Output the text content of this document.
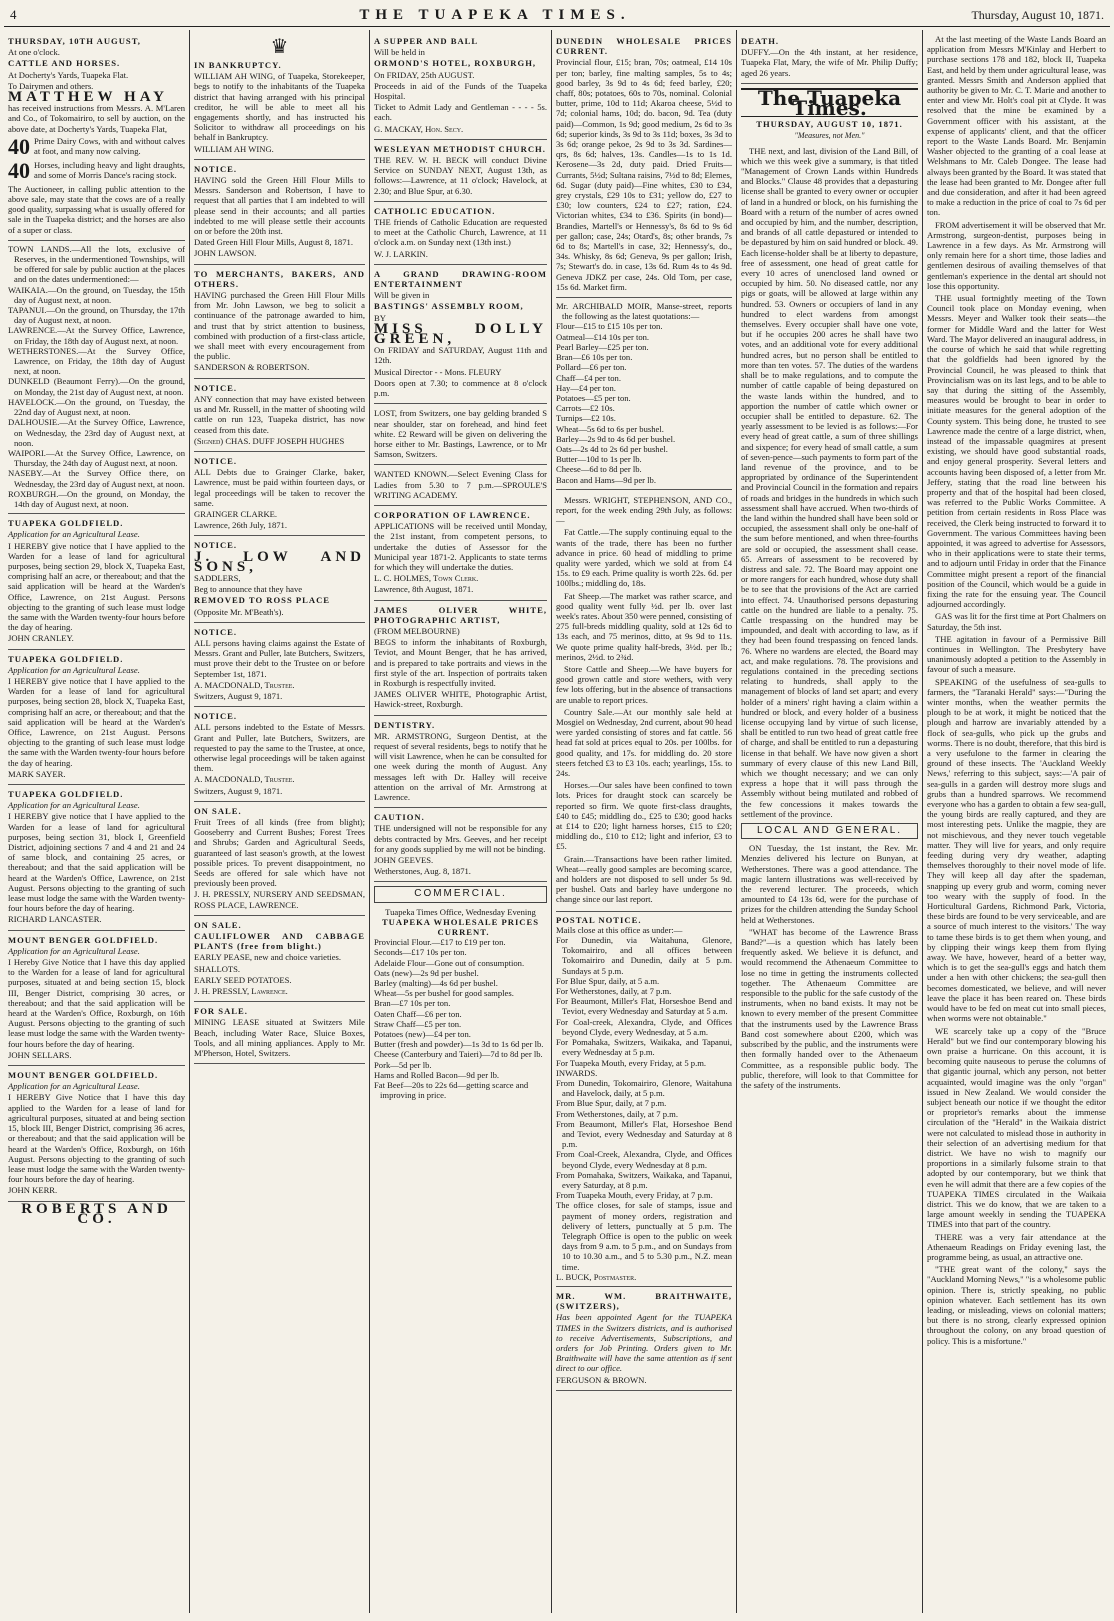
4	THE TUAPEKA TIMES.	Thursday, August 10, 1871.

THURSDAY, 10TH AUGUST,

At one o'clock.

CATTLE AND HORSES.

At Docherty's Yards, Tuapeka Flat.

To Dairymen and others.

MATTHEW HAY

has received instructions from Messrs. A. M'Laren and Co., of Tokomairiro, to sell by auction, on the above date, at Docherty's Yards, Tuapeka Flat,

40 Prime Dairy Cows, with and without calves at foot, and many now calving.
40 Horses, including heavy and light draughts, and some of Morris Dance's racing stock.

The Auctioneer, in calling public attention to the above sale, may state that the cows are of a really good quality, surpassing what is usually offered for sale in the Tuapeka district; and the horses are also of a super or class.

TOWN LANDS.—All the lots, exclusive of Reserves, in the undermentioned Townships, will be offered for sale by public auction at the places and on the dates undermentioned:—

WAIKAIA.—On the ground, on Tuesday, the 15th day of August next, at noon.

TAPANUI.—On the ground, on Thursday, the 17th day of August next, at noon.

LAWRENCE.—At the Survey Office, Lawrence, on Friday, the 18th day of August next, at noon.

WETHERSTONES.—At the Survey Office, Lawrence, on Friday, the 18th day of August next, at noon.

DUNKELD (Beaumont Ferry).—On the ground, on Monday, the 21st day of August next, at noon.

HAVELOCK.—On the ground, on Tuesday, the 22nd day of August next, at noon.

DALHOUSIE.—At the Survey Office, Lawrence, on Wednesday, the 23rd day of August next, at noon.

WAIPORI.—At the Survey Office, Lawrence, on Thursday, the 24th day of August next, at noon.

NASEBY.—At the Survey Office there, on Wednesday, the 23rd day of August next, at noon.

ROXBURGH.—On the ground, on Monday, the 14th day of August next, at noon.

TUAPEKA GOLDFIELD.

Application for an Agricultural Lease.

I HEREBY give notice that I have applied to the Warden for a lease of land for agricultural purposes, being section 29, block X, Tuapeka East, comprising half an acre, or thereabout; and that the said application will be heard at the Warden's Office, Lawrence, on 21st August. Persons objecting to the granting of such lease must lodge the same with the Warden twenty-four hours before the day of hearing.

JOHN CRANLEY.

TUAPEKA GOLDFIELD.

Application for an Agricultural Lease.

I HEREBY give notice that I have applied to the Warden for a lease of land for agricultural purposes, being section 28, block X, Tuapeka East, comprising half an acre, or thereabout; and that the said application will be heard at the Warden's Office, Lawrence, on 21st August. Persons objecting to the granting of such lease must lodge the same with the Warden twenty-four hours before the day of hearing.

MARK SAYER.

TUAPEKA GOLDFIELD.

Application for an Agricultural Lease.

I HEREBY give notice that I have applied to the Warden for a lease of land for agricultural purposes, being section 31, block I, Greenfield District, adjoining sections 7 and 4 and 21 and 24 of same block, and containing 25 acres, or thereabout; and that the said application will be heard at the Warden's Office, Lawrence, on 21st August. Persons objecting to the granting of such lease must lodge the same with the Warden twenty-four hours before the day of hearing.

RICHARD LANCASTER.

MOUNT BENGER GOLDFIELD.

Application for an Agricultural Lease.

I Hereby Give Notice that I have this day applied to the Warden for a lease of land for agricultural purposes, situated at and being section 15, block III, Benger District, comprising 30 acres, or thereabout; and that the said application will be heard at the Warden's Office, Roxburgh, on 16th August. Persons objecting to the granting of such lease must lodge the same with the Warden twenty-four hours before the day of hearing.

JOHN SELLARS.

MOUNT BENGER GOLDFIELD.

Application for an Agricultural Lease.

I HEREBY Give Notice that I have this day applied to the Warden for a lease of land for agricultural purposes, situated at and being section 15, block III, Benger District, comprising 36 acres, or thereabout; and that the said application will be heard at the Warden's Office, Roxburgh, on 16th August. Persons objecting to the granting of such lease must lodge the same with the Warden twenty-four hours before the day of hearing.

JOHN KERR.

ROBERTS AND CO.

♛

IN BANKRUPTCY.

WILLIAM AH WING, of Tuapeka, Storekeeper, begs to notify to the inhabitants of the Tuapeka district that having arranged with his principal creditor, he will be able to meet all his engagements shortly, and has instructed his Solicitor to withdraw all proceedings on his behalf in Bankruptcy.

WILLIAM AH WING.

NOTICE.

HAVING sold the Green Hill Flour Mills to Messrs. Sanderson and Robertson, I have to request that all parties that I am indebted to will please send in their accounts; and all parties indebted to me will please settle their accounts on or before the 20th inst.

Dated Green Hill Flour Mills, August 8, 1871.

JOHN LAWSON.

TO MERCHANTS, BAKERS, AND OTHERS.

HAVING purchased the Green Hill Flour Mills from Mr. John Lawson, we beg to solicit a continuance of the patronage awarded to him, and trust that by strict attention to business, combined with production of a first-class article, we shall meet with every encouragement from the public.

SANDERSON & ROBERTSON.

NOTICE.

ANY connection that may have existed between us and Mr. Russell, in the matter of shooting wild cattle on run 123, Tuapeka district, has now ceased from this date.

(Signed) CHAS. DUFF JOSEPH HUGHES

NOTICE.

ALL Debts due to Grainger Clarke, baker, Lawrence, must be paid within fourteen days, or legal proceedings will be taken to recover the same.

GRAINGER CLARKE.

Lawrence, 26th July, 1871.

NOTICE.

J. LOW AND SONS,

SADDLERS,

Beg to announce that they have

REMOVED TO ROSS PLACE

(Opposite Mr. M'Beath's).

NOTICE.

ALL persons having claims against the Estate of Messrs. Grant and Puller, late Butchers, Switzers, must prove their debt to the Trustee on or before September 1st, 1871.

A. MACDONALD, Trustee.

Switzers, August 9, 1871.

NOTICE.

ALL persons indebted to the Estate of Messrs. Grant and Puller, late Butchers, Switzers, are requested to pay the same to the Trustee, at once, otherwise legal proceedings will be taken against them.

A. MACDONALD, Trustee.

Switzers, August 9, 1871.

ON SALE.

Fruit Trees of all kinds (free from blight); Gooseberry and Current Bushes; Forest Trees and Shrubs; Garden and Agricultural Seeds, guaranteed of last season's growth, at the lowest possible prices. To prevent disappointment, no Seeds are offered for sale which have not previously been proved.

J. H. PRESSLY, NURSERY AND SEEDSMAN, ROSS PLACE, LAWRENCE.

ON SALE.

CAULIFLOWER AND CABBAGE PLANTS (free from blight.)

EARLY PEASE, new and choice varieties.

SHALLOTS.

EARLY SEED POTATOES.

J. H. PRESSLY, Lawrence.

FOR SALE.

MINING LEASE situated at Switzers Mile Beach, including Water Race, Sluice Boxes, Tools, and all mining appliances. Apply to Mr. M'Pherson, Hotel, Switzers.

A SUPPER AND BALL

Will be held in

ORMOND'S HOTEL, ROXBURGH,

On FRIDAY, 25th AUGUST.

Proceeds in aid of the Funds of the Tuapeka Hospital.

Ticket to Admit Lady and Gentleman - - - - 5s. each.

G. MACKAY, Hon. Secy.

WESLEYAN METHODIST CHURCH.

THE REV. W. H. BECK will conduct Divine Service on SUNDAY NEXT, August 13th, as follows:—Lawrence, at 11 o'clock; Havelock, at 2.30; and Blue Spur, at 6.30.

CATHOLIC EDUCATION.

THE friends of Catholic Education are requested to meet at the Catholic Church, Lawrence, at 11 o'clock a.m. on Sunday next (13th inst.)

W. J. LARKIN.

A GRAND DRAWING-ROOM ENTERTAINMENT

Will be given in

BASTINGS' ASSEMBLY ROOM,

BY

MISS DOLLY GREEN,

On FRIDAY and SATURDAY, August 11th and 12th.

Musical Director - - Mons. FLEURY

Doors open at 7.30; to commence at 8 o'clock p.m.

LOST, from Switzers, one bay gelding branded S near shoulder, star on forehead, and hind feet white. £2 Reward will be given on delivering the horse either to Mr. Bastings, Lawrence, or to Mr Samson, Switzers.

WANTED KNOWN.—Select Evening Class for Ladies from 5.30 to 7 p.m.—SPROULE'S WRITING ACADEMY.

CORPORATION OF LAWRENCE.

APPLICATIONS will be received until Monday, the 21st instant, from competent persons, to undertake the duties of Assessor for the Municipal year 1871-2. Applicants to state terms for which they will undertake the duties.

L. C. HOLMES, Town Clerk.

Lawrence, 8th August, 1871.

JAMES OLIVER WHITE, PHOTOGRAPHIC ARTIST,

(FROM MELBOURNE)

BEGS to inform the inhabitants of Roxburgh, Teviot, and Mount Benger, that he has arrived, and is prepared to take portraits and views in the first style of the art. Inspection of portraits taken in Roxburgh is respectfully invited.

JAMES OLIVER WHITE, Photographic Artist, Hawick-street, Roxburgh.

DENTISTRY.

MR. ARMSTRONG, Surgeon Dentist, at the request of several residents, begs to notify that he will visit Lawrence, when he can be consulted for one week during the month of August. Any messages left with Dr. Halley will receive attention on the arrival of Mr. Armstrong at Lawrence.

CAUTION.

THE undersigned will not be responsible for any debts contracted by Mrs. Geeves, and her receipt for any goods supplied by me will not be binding.

JOHN GEEVES.

Wetherstones, Aug. 8, 1871.

COMMERCIAL.

Tuapeka Times Office, Wednesday Evening

TUAPEKA WHOLESALE PRICES CURRENT.

Provincial Flour.—£17 to £19 per ton.

Seconds—£17 10s per ton.

Adelaide Flour—Gone out of consumption.

Oats (new)—2s 9d per bushel.

Barley (malting)—4s 6d per bushel.

Wheat—5s per bushel for good samples.

Bran—£7 10s per ton.

Oaten Chaff—£6 per ton.

Straw Chaff—£5 per ton.

Potatoes (new)—£4 per ton.

Butter (fresh and powder)—1s 3d to 1s 6d per lb.

Cheese (Canterbury and Taieri)—7d to 8d per lb.

Pork—5d per lb.

Hams and Rolled Bacon—9d per lb.

Fat Beef—20s to 22s 6d—getting scarce and improving in price.

DUNEDIN WHOLESALE PRICES CURRENT.

Provincial flour, £15; bran, 70s; oatmeal, £14 10s per ton; barley, fine malting samples, 5s to 4s; good barley, 3s 9d to 4s 6d; feed barley, £20; chaff, 80s; potatoes, 60s to 70s, nominal. Colonial butter, prime, 10d to 11d; Akaroa cheese, 5½d to 7d; colonial hams, 10d; do. bacon, 9d. Tea (duty paid)—Common, 1s 9d; good medium, 2s 6d to 3s 6d; superior kinds, 3s 9d to 3s 11d; boxes, 3s 3d to 3s 6d; orange pekoe, 2s 9d to 3s 3d. Sardines—qrs, 8s 6d; halves, 13s. Candles—1s to 1s 1d. Kerosene—3s 2d, duty paid. Dried Fruits—Currants, 5½d; Sultana raisins, 7½d to 8d; Elemes, 6d. Sugar (duty paid)—Fine whites, £30 to £34, grey crystals, £29 10s to £31; yellow do, £27 to £30; low counters, £24 to £27; ration, £24. Victorian whites, £34 to £36. Spirits (in bond)—Brandies, Martell's or Hennessy's, 8s 6d to 9s 6d per gallon; case, 24s; Otard's, 8s; other brands, 7s 6d to 8s; Martell's in case, 32; Hennessy's, do., 34s. Whisky, 8s 6d; Geneva, 9s per gallon; Irish, 7s; Stewart's do. in case, 13s 6d. Rum 4s to 4s 9d. Geneva JDKZ per case, 24s. Old Tom, per case, 15s 6d. Market firm.

Mr. ARCHIBALD MOIR, Manse-street, reports the following as the latest quotations:—

Flour—£15 to £15 10s per ton.

Oatmeal—£14 10s per ton.

Pearl Barley—£25 per ton.

Bran—£6 10s per ton.

Pollard—£6 per ton.

Chaff—£4 per ton.

Hay—£4 per ton.

Potatoes—£5 per ton.

Carrots—£2 10s.

Turnips—£2 10s.

Wheat—5s 6d to 6s per bushel.

Barley—2s 9d to 4s 6d per bushel.

Oats—2s 4d to 2s 6d per bushel.

Butter—10d to 1s per lb.

Cheese—6d to 8d per lb.

Bacon and Hams—9d per lb.

Messrs. WRIGHT, STEPHENSON, AND CO., report, for the week ending 29th July, as follows:—

Fat Cattle.—The supply continuing equal to the wants of the trade, there has been no further advance in price. 60 head of middling to prime quality were yarded, which we sold at from £4 15s. to £9 each. Prime quality is worth 22s. 6d. per 100lbs.; middling do, 18s.

Fat Sheep.—The market was rather scarce, and good quality went fully ½d. per lb. over last week's rates. About 350 were penned, consisting of 275 full-breds middling quality, sold at 12s 6d to 13s each, and 75 merinos, ditto, at 9s 9d to 11s. We quote prime quality half-breds, 3½d. per lb.; merinos, 2½d. to 2¾d.

Store Cattle and Sheep.—We have buyers for good grown cattle and store wethers, with very few lots offering, but in the absence of transactions are unable to report prices.

Country Sale.—At our monthly sale held at Mosgiel on Wednesday, 2nd current, about 90 head were yarded consisting of stores and fat cattle. 56 head fat sold at prices equal to 20s. per 100lbs. for good quality, and 17s. for middling do. 20 store steers fetched £3 to £3 10s. each; yearlings, 15s. to 24s.

Horses.—Our sales have been confined to town lots. Prices for draught stock can scarcely be reported so firm. We quote first-class draughts, £40 to £45; middling do., £25 to £30; good hacks at £14 to £20; light harness horses, £15 to £20; middling do., £10 to £12; light and inferior, £3 to £5.

Grain.—Transactions have been rather limited. Wheat—really good samples are becoming scarce, and holders are not disposed to sell under 5s 9d. per bushel. Oats and barley have undergone no change since our last report.

POSTAL NOTICE.

Mails close at this office as under:—

For Dunedin, via Waitahuna, Glenore, Tokomairiro, and all offices between Tokomairiro and Dunedin, daily at 5 p.m. Sundays at 5 p.m.

For Blue Spur, daily, at 5 a.m.

For Wetherstones, daily, at 7 p.m.

For Beaumont, Miller's Flat, Horseshoe Bend and Teviot, every Wednesday and Saturday at 5 a.m.

For Coal-creek, Alexandra, Clyde, and Offices beyond Clyde, every Wednesday, at 5 a.m.

For Pomahaka, Switzers, Waikaka, and Tapanui, every Wednesday at 5 p.m.

For Tuapeka Mouth, every Friday, at 5 p.m.

INWARDS.

From Dunedin, Tokomairiro, Glenore, Waitahuna and Havelock, daily, at 5 p.m.

From Blue Spur, daily, at 7 p.m.

From Wetherstones, daily, at 7 p.m.

From Beaumont, Miller's Flat, Horseshoe Bend and Teviot, every Wednesday and Saturday at 8 p.m.

From Coal-Creek, Alexandra, Clyde, and Offices beyond Clyde, every Wednesday at 8 p.m.

From Pomahaka, Switzers, Waikaka, and Tapanui, every Saturday, at 8 p.m.

From Tuapeka Mouth, every Friday, at 7 p.m.

The office closes, for sale of stamps, issue and payment of money orders, registration and delivery of letters, punctually at 5 p.m. The Telegraph Office is open to the public on week days from 9 a.m. to 5 p.m., and on Sundays from 10 to 10.30 a.m., and 5 to 5.30 p.m., N.Z. mean time.

L. BUCK, Postmaster.

MR. WM. BRAITHWAITE, (SWITZERS),

Has been appointed Agent for the TUAPEKA TIMES in the Switzers districts, and is authorised to receive Advertisements, Subscriptions, and orders for Job Printing. Orders given to Mr. Braithwaite will have the same attention as if sent direct to our office.

FERGUSON & BROWN.

DEATH.

DUFFY.—On the 4th instant, at her residence, Tuapeka Flat, Mary, the wife of Mr. Philip Duffy; aged 26 years.

The Tuapeka Times.

THURSDAY, AUGUST 10, 1871.

"Measures, not Men."

THE next, and last, division of the Land Bill, of which we this week give a summary, is that titled "Management of Crown Lands within Hundreds and Blocks." Clause 48 provides that a depasturing license shall be granted to every owner or occupier of land in a hundred or block, on his furnishing the Board with a return of the number of acres owned and occupied by him, and the number, description, and brands of all cattle depastured or intended to be depastured by him on said hundred or block. 49. Each license-holder shall be at liberty to depasture, free of assessment, one head of great cattle for every 10 acres of unenclosed land owned or occupied by him. 50. No diseased cattle, nor any pigs or goats, will be allowed at large within any hundred. 53. Owners or occupiers of land in any hundred to elect wardens from amongst themselves. Every occupier shall have one vote, but if he occupies 200 acres he shall have two votes, and an additional vote for every additional hundred acres, but no person shall be entitled to more than ten votes. 57. The duties of the wardens shall be to make regulations, and to compute the number of cattle capable of being depastured on the waste lands within the hundred, and to apportion the number of cattle which owner or occupier shall be entitled to depasture. 62. The yearly assessment to be levied is as follows:—For every head of great cattle, a sum of three shillings and sixpence; for every head of small cattle, a sum of seven-pence—such payments to form part of the land revenue of the province, and to be appropriated by ordinance of the Superintendent and Provincial Council in the formation and repairs of roads and bridges in the hundreds in which such assessment shall have accrued. When two-thirds of the land within the hundred shall have been sold or occupied, the assessment shall only be one-half of the sum before mentioned, and when three-fourths are sold or occupied, the assessment shall cease. 65. Arrears of assessment to be recovered by distress and sale. 72. The Board may appoint one or more rangers for each hundred, whose duty shall be to see that the provisions of the Act are carried into effect. 74. Unauthorised persons depasturing cattle on the hundred are liable to a penalty. 75. Cattle trespassing on the hundred may be impounded, and dealt with according to law, as if they had been found trespassing on fenced lands. 76. Where no wardens are elected, the Board may act, and make regulations. 78. The provisions and regulations contained in the preceding sections relating to hundreds, shall apply to the management of blocks of land set apart; and every holder of a miners' right having a claim within a hundred or block, and every holder of a business license occupying land by virtue of such license, shall be entitled to run two head of great cattle free of charge, and shall be entitled to run a depasturing license in that behalf. We have now given a short summary of every clause of this new Land Bill, which we thought necessary; and we can only express a hope that it will pass through the Assembly without being mutilated and robbed of the few concessions it makes towards the settlement of the province.

LOCAL AND GENERAL.

ON Tuesday, the 1st instant, the Rev. Mr. Menzies delivered his lecture on Bunyan, at Wetherstones. There was a good attendance. The magic lantern illustrations was well-received by the reverend lecturer. The proceeds, which amounted to £4 13s 6d, were for the purchase of prizes for the children attending the Sunday School held at Wetherstones.

"WHAT has become of the Lawrence Brass Band?"—is a question which has lately been frequently asked. We believe it is defunct, and would recommend the Athenaeum Committee to lose no time in getting the instruments collected together. The Athenaeum Committee are responsible to the public for the safe custody of the instruments, when no band exists. It may not be known to every member of the present Committee that the instruments used by the Lawrence Brass Band cost somewhere about £200, which was subscribed by the public, and the instruments were then formally handed over to the Athenaeum Committee, as a responsible public body. The public, therefore, will look to that Committee for the safety of the instruments.

At the last meeting of the Waste Lands Board an application from Messrs M'Kinlay and Herbert to purchase sections 178 and 182, block II, Tuapeka East, and held by them under agricultural lease, was granted. Messrs Smith and Anderson applied that authority be given to Mr. C. T. Marie and another to enter and view Mr. Holt's coal pit at Clyde. It was resolved that the mine be examined by a Government officer with his assistant, at the expense of applicants' client, and that the officer report to the Waste Lands Board. Mr. Benjamin Washer objected to the granting of a coal lease at Welshmans to Mr. Caleb Dongee. The lease had always been granted by the Board. It was stated that the lease had been granted to Mr. Dongee after full and due consideration, and after it had been agreed to make a reduction in the price of coal to 7s 6d per ton.

FROM advertisement it will be observed that Mr. Armstrong, surgeon-dentist, purposes being in Lawrence in a few days. As Mr. Armstrong will only remain here for a short time, those ladies and gentlemen desirous of availing themselves of that gentleman's experience in the dental art should not lose this opportunity.

THE usual fortnightly meeting of the Town Council took place on Monday evening, when Messrs. Meyer and Walker took their seats—the former for Middle Ward and the latter for West Ward. The Mayor delivered an inaugural address, in the course of which he said that while regretting that the goldfields had been ignored by the Provincial Council, he was pleased to think that Provincialism was on its last legs, and to be able to say that during the sitting of the Assembly, measures would be brought to bear in order to initiate measures for the general adoption of the County system. This being done, he trusted to see Lawrence made the centre of a large district, when, instead of the impassable quagmires at present existing, we should have good substantial roads, and enjoy general prosperity. Several letters and accounts having been disposed of, a letter from Mr. Jeffery, stating that the road line between his property and that of the hospital had been closed, was referred to the Public Works Committee. A petition from certain residents in Ross Place was received, the Clerk being instructed to forward it to Government. The various Committees having been appointed, it was agreed to advertise for Assessors, who in their applications were to state their terms, and to adjourn until Friday in order that the Finance Committee might present a report of the financial position of the Council, which would be a guide in fixing the rate for the ensuing year. The Council adjourned accordingly.

GAS was lit for the first time at Port Chalmers on Saturday, the 5th inst.

THE agitation in favour of a Permissive Bill continues in Wellington. The Presbytery have unanimously adopted a petition to the Assembly in favour of such a measure.

SPEAKING of the usefulness of sea-gulls to farmers, the "Taranaki Herald" says:—"During the winter months, when the weather permits the plough to be at work, it might be noticed that the plough and harrow are invariably attended by a flock of sea-gulls, who pick up the grubs and worms. There is no doubt, therefore, that this bird is a very usefulone to the farmer in clearing the ground of these insects. The 'Auckland Weekly News,' referring to this subject, says:—'A pair of sea-gulls in a garden will destroy more slugs and grubs than a hundred sparrows. We recommend everyone who has a garden to obtain a few sea-gull, the young birds are really captured, and they are most interesting pets. Unlike the magpie, they are not mischievous, and they never touch vegetable matter. They will live for years, and only require feeding during very dry weather, adapting themselves thoroughly to their novel mode of life. They will keep all day after the spademan, snapping up every grub and worm, coming never too weary with the supply of food. In the Horticultural Gardens, Richmond Park, Victoria, these birds are found to be very serviceable, and are a source of much interest to the visitors.' The way to tame these birds is to get them when young, and by clipping their wings keep them from flying away. We have, however, heard of a better way, which is to get the sea-gull's eggs and hatch them under a hen with other chickens; the sea-gull then becomes domesticated, we believe, and will never leave the place it has been reared on. These birds would have to be fed on meat cut into small pieces, when worms were not obtainable."

WE scarcely take up a copy of the "Bruce Herald" but we find our contemporary blowing his own praise a hurricane. On this account, it is becoming quite nauseous to peruse the columns of that gigantic journal, which any person, not better acquainted, would imagine was the only "organ" issued in New Zealand. We would consider the subject beneath our notice if we thought the editor or proprietor's remarks about the immense circulation of the "Herald" in the Waikaia district were not calculated to mislead those in authority in their selection of an advertising medium for that district. We have no wish to magnify our proportions in a similarly fulsome strain to that adopted by our contemporary, but we think that even he will admit that there are a few copies of the TUAPEKA TIMES circulated in the Waikaia district. This we do know, that we are taken to a large amount weekly in sending the TUAPEKA TIMES into that part of the country.

THERE was a very fair attendance at the Athenaeum Readings on Friday evening last, the programme being, as usual, an attractive one.

"THE great want of the colony," says the "Auckland Morning News," "is a wholesome public opinion. There is, strictly speaking, no public opinion whatever. Each settlement has its own leading, or misleading, views on colonial matters; but there is no strong, clearly expressed opinion throughout the colony, on any broad question of policy. This is a misfortune."
